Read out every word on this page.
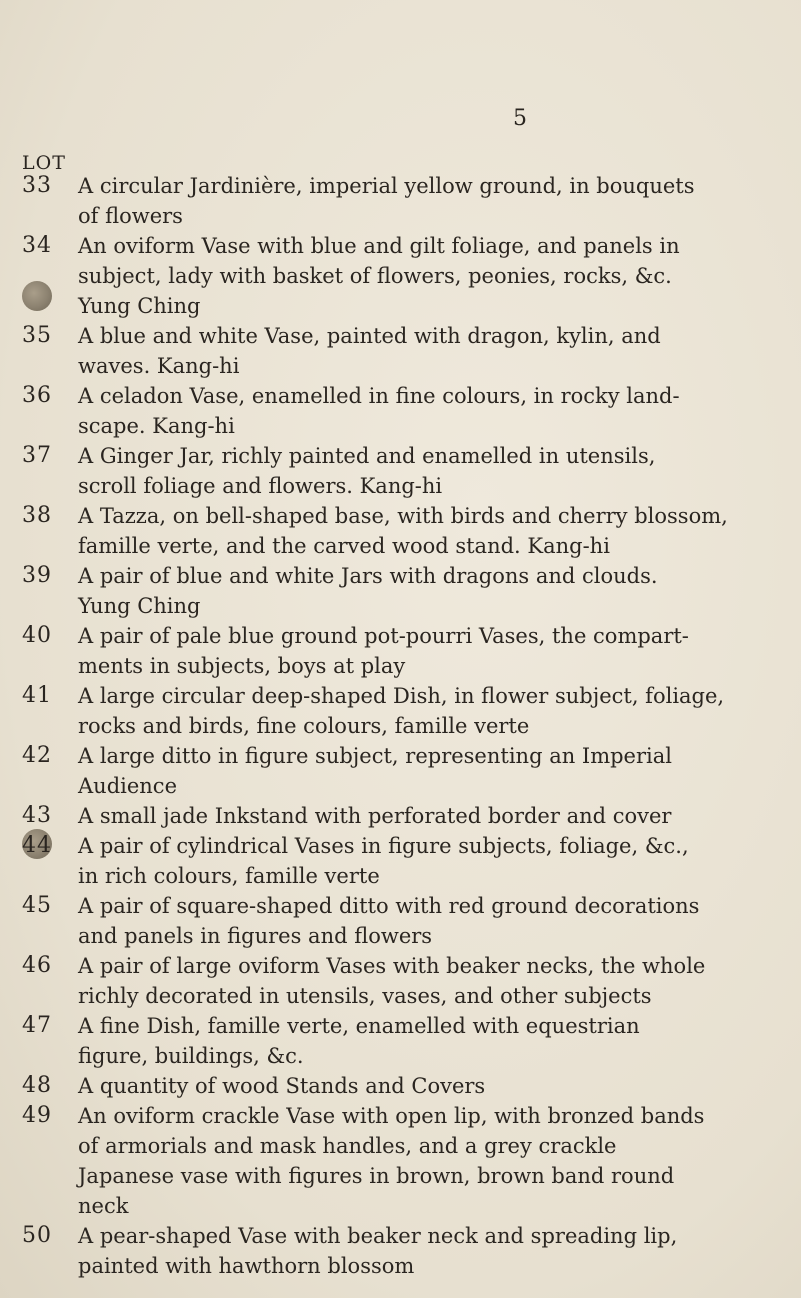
5
LOT
33	A circular Jardinière, imperial yellow ground, in bouquets
of flowers
34	An oviform Vase with blue and gilt foliage, and panels in
subject, lady with basket of flowers, peonies, rocks, &c.
Yung Ching
35	A blue and white Vase, painted with dragon, kylin, and
waves. Kang-hi
36	A celadon Vase, enamelled in fine colours, in rocky land-
scape. Kang-hi
37	A Ginger Jar, richly painted and enamelled in utensils,
scroll foliage and flowers. Kang-hi
38	A Tazza, on bell-shaped base, with birds and cherry blossom,
famille verte, and the carved wood stand. Kang-hi
39	A pair of blue and white Jars with dragons and clouds.
Yung Ching
40	A pair of pale blue ground pot-pourri Vases, the compart-
ments in subjects, boys at play
41	A large circular deep-shaped Dish, in flower subject, foliage,
rocks and birds, fine colours, famille verte
42	A large ditto in figure subject, representing an Imperial
Audience
43	A small jade Inkstand with perforated border and cover
44	A pair of cylindrical Vases in figure subjects, foliage, &c.,
in rich colours, famille verte
45	A pair of square-shaped ditto with red ground decorations
and panels in figures and flowers
46	A pair of large oviform Vases with beaker necks, the whole
richly decorated in utensils, vases, and other subjects
47	A fine Dish, famille verte, enamelled with equestrian
figure, buildings, &c.
48	A quantity of wood Stands and Covers
49	An oviform crackle Vase with open lip, with bronzed bands
of armorials and mask handles, and a grey crackle
Japanese vase with figures in brown, brown band round
neck
50	A pear-shaped Vase with beaker neck and spreading lip,
painted with hawthorn blossom
